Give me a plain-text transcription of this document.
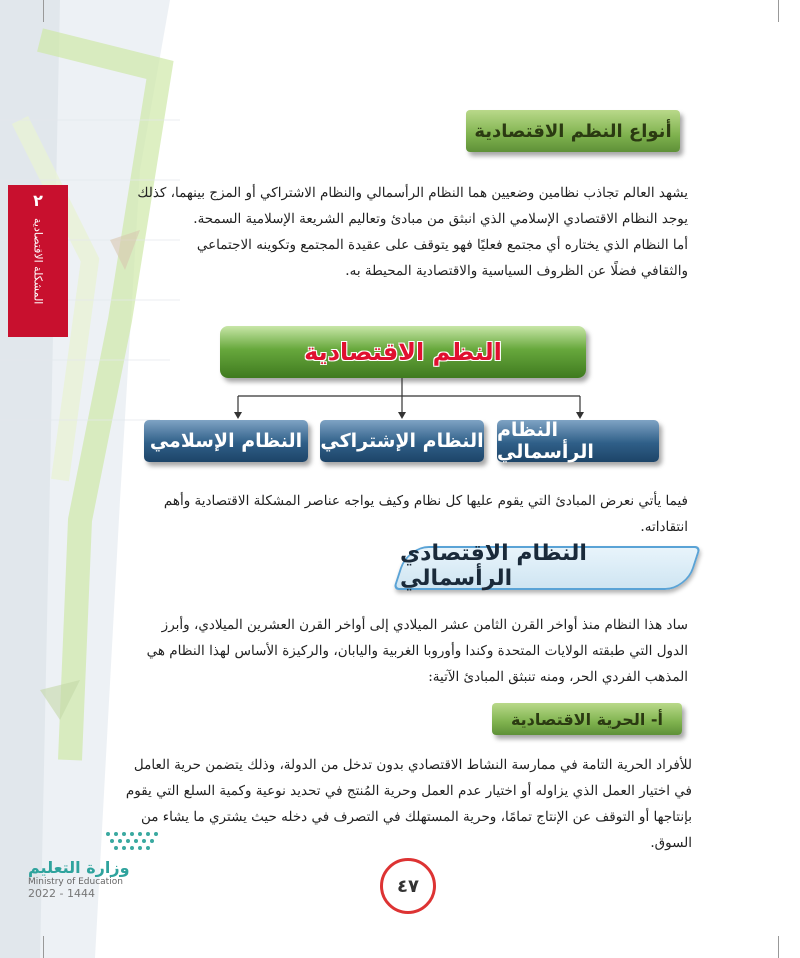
٢
المشكلة الاقتصادية
أنواع النظم الاقتصادية
يشهد العالم تجاذب نظامين وضعيين هما النظام الرأسمالي والنظام الاشتراكي أو المزج بينهما، كذلك
يوجد النظام الاقتصادي الإسلامي الذي انبثق من مبادئ وتعاليم الشريعة الإسلامية السمحة.
أما النظام الذي يختاره أي مجتمع فعليًا فهو يتوقف على عقيدة المجتمع وتكوينه الاجتماعي
والثقافي فضلًا عن الظروف السياسية والاقتصادية المحيطة به.
النظم الاقتصادية
النظام الرأسمالي
النظام الإشتراكي
النظام الإسلامي
فيما يأتي نعرض المبادئ التي يقوم عليها كل نظام وكيف يواجه عناصر المشكلة الاقتصادية وأهم
انتقاداته.
النظام الاقتصادي الرأسمالي
ساد هذا النظام منذ أواخر القرن الثامن عشر الميلادي إلى أواخر القرن العشرين الميلادي، وأبرز
الدول التي طبقته الولايات المتحدة وكندا وأوروبا الغربية واليابان، والركيزة الأساس لهذا النظام هي
المذهب الفردي الحر، ومنه تنبثق المبادئ الآتية:
أ- الحرية الاقتصادية
للأفراد الحرية التامة في ممارسة النشاط الاقتصادي بدون تدخل من الدولة، وذلك يتضمن حرية العامل
في اختيار العمل الذي يزاوله أو اختيار عدم العمل وحرية المُنتج في تحديد نوعية وكمية السلع التي يقوم
بإنتاجها أو التوقف عن الإنتاج تمامًا، وحرية المستهلك في التصرف في دخله حيث يشتري ما يشاء من
السوق.
وزارة التعليم
Ministry of Education
2022 - 1444	٤٧
